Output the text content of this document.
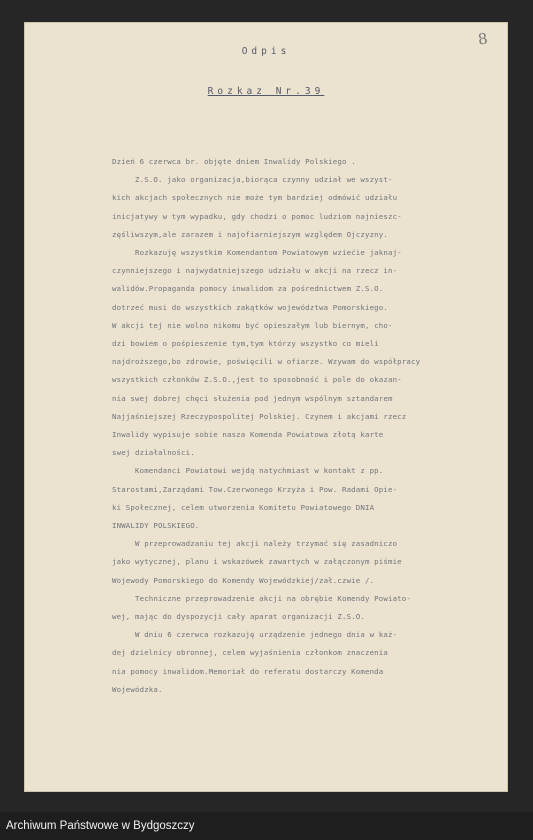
8
Odpis
Rozkaz Nr.39

Dzień 6 czerwca br. objęte dniem Inwalidy Polskiego .

Z.S.O. jako organizacja,biorąca czynny udział we wszyst-

kich akcjach społecznych nie może tym bardziej odmówić udziału

inicjatywy w tym wypadku, gdy chodzi o pomoc ludziom najnieszc-

zęśliwszym,ale zarazem i najofiarniejszym względem Ojczyzny.

Rozkazuję wszystkim Komendantom Powiatowym wziećie jaknaj-

czynniejszego i najwydatniejszego udziału w akcji na rzecz in-

walidów.Propaganda pomocy inwalidom za pośrednictwem Z.S.O.

dotrzeć musi do wszystkich zakątków województwa Pomorskiego.

W akcji tej nie wolno nikomu być opieszałym lub biernym, cho-

dzi bowiem o pośpieszenie tym,tym którzy wszystko co mieli

najdroższego,bo zdrowie, poświęcili w ofiarze. Wzywam do współpracy

wszystkich członków Z.S.O.,jest to sposobność i pole do okazan-

nia swej dobrej chęci służenia pod jednym wspólnym sztandarem

Najjaśniejszej Rzeczypospolitej Polskiej. Czynem i akcjami rzecz

Inwalidy wypisuje sobie nasza Komenda Powiatowa złotą karte

swej działalności.

Komendanci Powiatowi wejdą natychmiast w kontakt z pp.

Starostami,Zarządami Tow.Czerwonego Krzyża i Pow. Radami Opie-

ki Społecznej, celem utworzenia Komitetu Powiatowego DNIA

INWALIDY POLSKIEGO.

W przeprowadzaniu tej akcji należy trzymać się zasadniczo

jako wytycznej, planu i wskazówek zawartych w załączonym piśmie

Wojewody Pomorskiego do Komendy Wojewódzkiej/zał.czwie /.

Techniczne przeprowadzenie akcji na obrębie Komendy Powiato-

wej, mając do dyspozycji cały aparat organizacji Z.S.O.

W dniu 6 czerwca rozkazuję urządzenie jednego dnia w każ-

dej dzielnicy obronnej, celem wyjaśnienia członkom znaczenia

nia pomocy inwalidom.Memoriał do referatu dostarczy Komenda

Wojewódzka.

Archiwum Państwowe w Bydgoszczy
